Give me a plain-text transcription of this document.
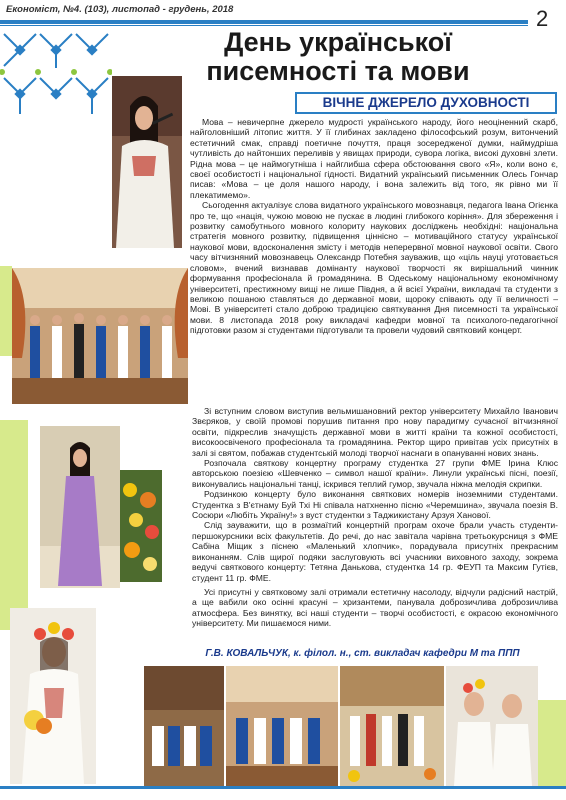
Економіст, №4. (103), листопад - грудень, 2018	2
День української
писемності та мови
ВІЧНЕ ДЖЕРЕЛО ДУХОВНОСТІ

Мова – невичерпне джерело мудрості українського народу, його неоціненний скарб, найголовніший літопис життя. У її глибинах закладено філософський розум, витончений естетичний смак, справді поетичне почуття, праця зосередженої думки, наймудріша чутливість до найтонших переливів у явищах природи, сувора логіка, високі духовні злети. Рідна мова – це наймогутніша і найглибша сфера обстоювання свого «Я», коли воно є, своєї особистості і національної гідності. Видатний український письменник Олесь Гончар писав: «Мова – це доля нашого народу, і вона залежить від того, як рівно ми її плекатимемо».

Сьогодення актуалізує слова видатного українського мовознавця, педагога Івана Огієнка про те, що «нація, чужою мовою не пускає в людині глибокого коріння». Для збереження і розвитку самобутнього мовного колориту наукових досліджень необхідні: національна стратегія мовного розвитку, підвищення ціннісно – мотиваційного статусу української наукової мови, вдосконалення змісту і методів неперервної мовної наукової освіти. Свого часу вітчизняний мовознавець Олександр Потебня зауважив, що «ціль науці уготовається словом», вчений визнавав домінанту наукової творчості як вирішальний чинник формування професіонала й громадянина. В Одеському національному економічному університеті, престижному вищі не лише Півдня, а й всієї України, викладачі та студенти з великою пошаною ставляться до державної мови, щороку співають оду її величності – Мові. В університеті стало доброю традицією святкування Дня писемності та української мови. 8 листопада 2018 року викладачі кафедри мовної та психолого-педагогічної підготовки разом зі студентами підготували та провели чудовий святковий концерт.

Зі вступним словом виступив вельмишановний ректор університету Михайло Іванович Звєряков, у своїй промові порушив питання про нову парадигму сучасної вітчизняної освіти, підкреслив значущість державної мови в житті країни та кожної особистості, високоосвіченого професіонала та громадянина. Ректор щиро привітав усіх присутніх в залі зі святом, побажав студентській молоді творчої наснаги в опануванні нових знань.

Розпочала святкову концертну програму студентка 27 групи ФМЕ Ірина Клюс авторською поезією «Шевченко – символ нашої країни». Линули українські пісні, поезії, виконувались національні танці, іскрився теплий гумор, звучала ніжна мелодія скрипки.

Родзинкою концерту було виконання святкових номерів іноземними студентами. Студентка з В'єтнаму Буй Тхі Ні співала натхненно пісню «Черемшина», звучала поезія В. Сосюри «Любіть Україну!» з вуст студентки з Таджикистану Арзуя Ханової.

Слід зауважити, що в розмаїтий концертній програм охоче брали участь студенти-першокурсники всіх факультетів. До речі, до нас завітала чарівна третьокурсниця з ФМЕ Сабіна Міщик з піснею «Маленький хлопчик», порадувала присутніх прекрасним виконанням. Слів щирої подяки заслуговують всі учасники виховного заходу, зокрема ведучі святкового концерту: Тетяна Данькова, студентка 14 гр. ФЕУП та Максим Гутієв, студент 11 гр. ФМЕ.

Усі присутні у святковому залі отримали естетичну насолоду, відчули радісний настрій, а ще вабили око осінні красуні – хризантеми, панувала доброзичлива доброзичлива атмосфера. Без винятку, всі наші студенти – творчі особистості, є окрасою економічного університету. Ми пишаємося ними.

Г.В. КОВАЛЬЧУК, к. філол. н., ст. викладач кафедри М та ППП
